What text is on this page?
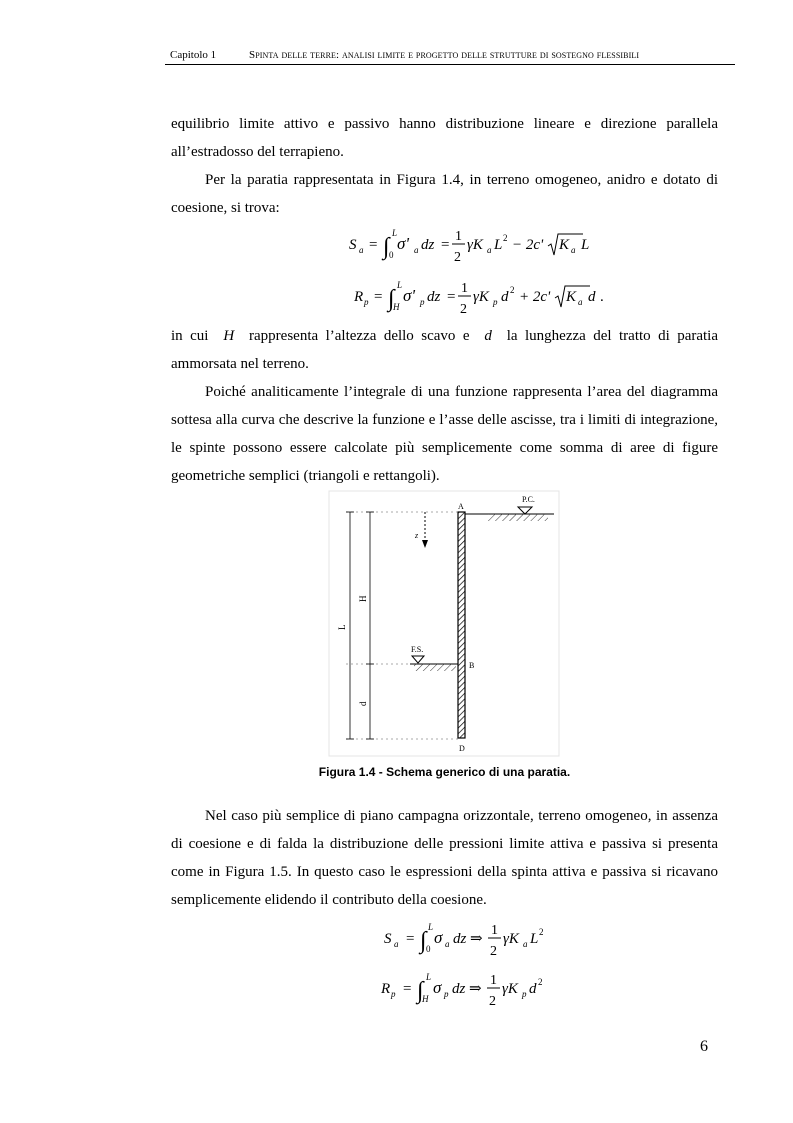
Capitolo 1	Spinta delle terre: analisi limite e progetto delle strutture di sostegno flessibili

equilibrio limite attivo e passivo hanno distribuzione lineare e direzione parallela all’estradosso del terrapieno.

Per la paratia rappresentata in Figura 1.4, in terreno omogeneo, anidro e dotato di coesione, si trova:

S a = ∫
L
0
σ' a dz =
1
2
γK a L 2 − 2c' K a L
R p = ∫
L
H
σ' p dz =
1
2
γK p d 2 + 2c' K a d .

in cui H rappresenta l’altezza dello scavo e d la lunghezza del tratto di paratia ammorsata nel terreno.

Poiché analiticamente l’integrale di una funzione rappresenta l’area del diagramma sottesa alla curva che descrive la funzione e l’asse delle ascisse, tra i limiti di integrazione, le spinte possono essere calcolate più semplicemente come somma di aree di figure geometriche semplici (triangoli e rettangoli).

P.C.
F.S.
A
B
D
z
L
H
d
Figura 1.4 - Schema generico di una paratia.

Nel caso più semplice di piano campagna orizzontale, terreno omogeneo, in assenza di coesione e di falda la distribuzione delle pressioni limite attiva e passiva si presenta come in Figura 1.5. In questo caso le espressioni della spinta attiva e passiva si ricavano semplicemente elidendo il contributo della coesione.

S a = ∫
L
0
σ a dz ⇒
1
2
γK a L 2
R p = ∫
L
H
σ p dz ⇒
1
2
γK p d 2
6
